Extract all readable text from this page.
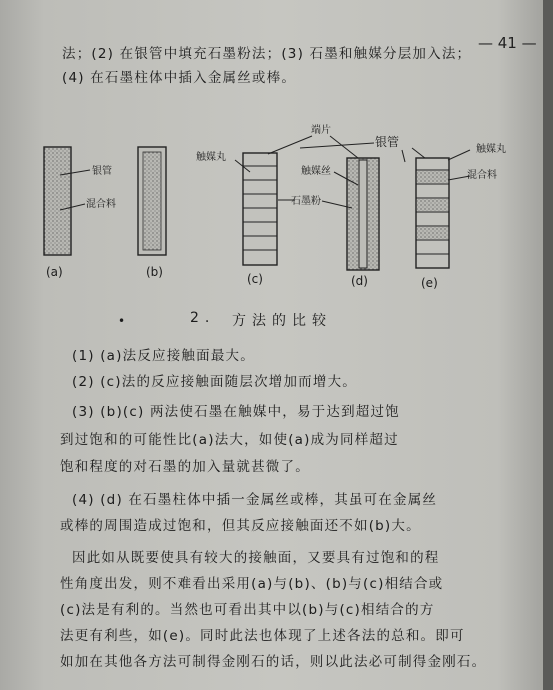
— 41 —
法；(2) 在银管中填充石墨粉法；(3) 石墨和触媒分层加入法；
(4) 在石墨柱体中插入金属丝或棒。
银管
混合料
(a)	(b)
触媒丸
(c)
端片
银管
触媒丝
石墨粉
(d)
触媒丸
混合料
(e)
•	2. 方法的比较
(1) (a)法反应接触面最大。
(2) (c)法的反应接触面随层次增加而增大。
(3) (b)(c) 两法使石墨在触媒中，易于达到超过饱
到过饱和的可能性比(a)法大，如使(a)成为同样超过
饱和程度的对石墨的加入量就甚微了。
(4) (d) 在石墨柱体中插一金属丝或棒，其虽可在金属丝
或棒的周围造成过饱和，但其反应接触面还不如(b)大。
因此如从既要使具有较大的接触面，又要具有过饱和的程
性角度出发，则不难看出采用(a)与(b)、(b)与(c)相结合或
(c)法是有利的。当然也可看出其中以(b)与(c)相结合的方
法更有利些，如(e)。同时此法也体现了上述各法的总和。即可
如加在其他各方法可制得金刚石的话，则以此法必可制得金刚石。
